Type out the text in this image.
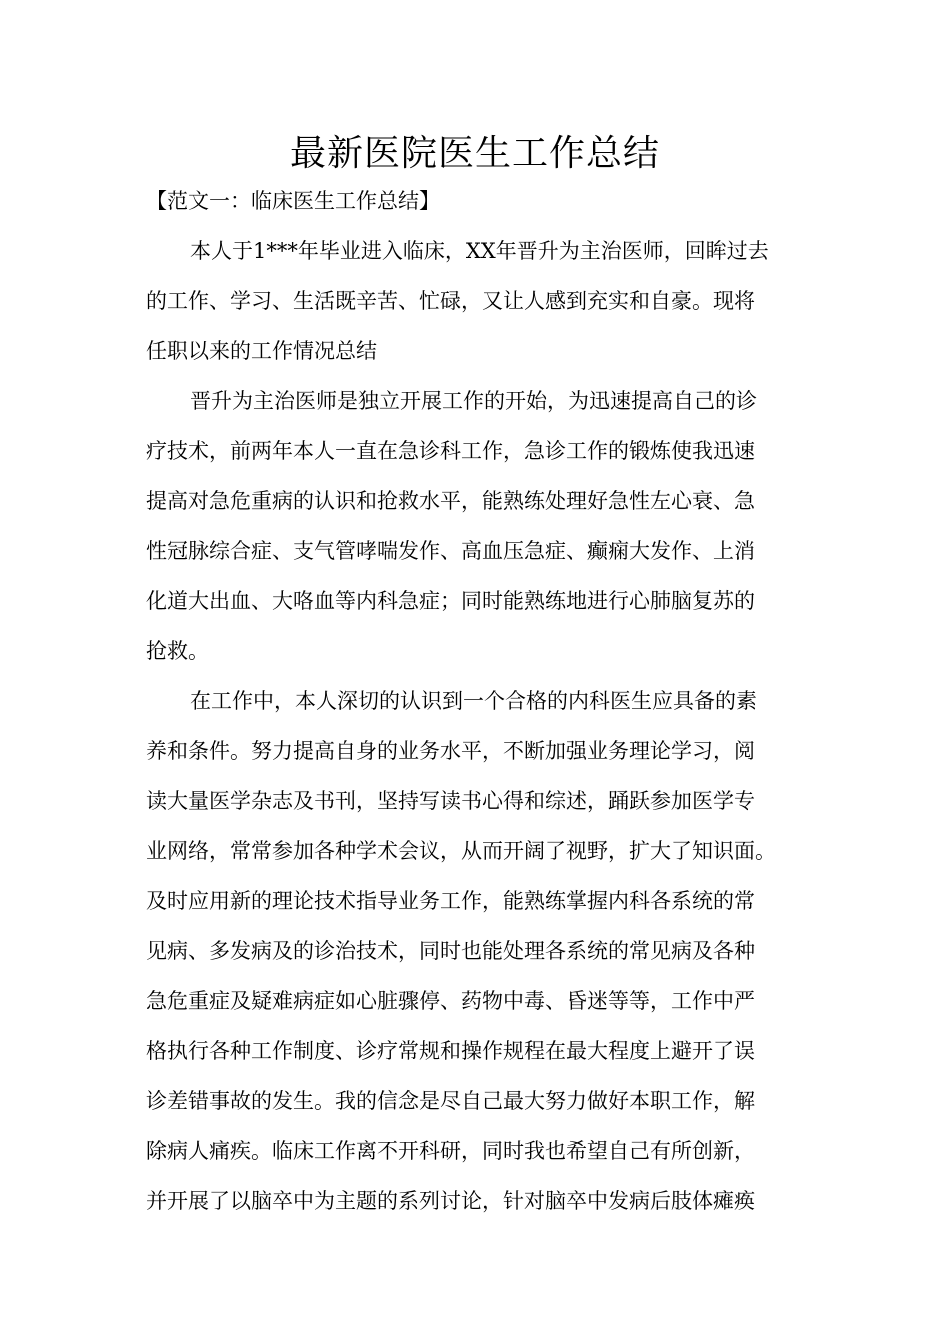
最新医院医生工作总结
【范文一：临床医生工作总结】
本人于1***年毕业进入临床，XX年晋升为主治医师，回眸过去
的工作、学习、生活既辛苦、忙碌，又让人感到充实和自豪。现将
任职以来的工作情况总结
晋升为主治医师是独立开展工作的开始，为迅速提高自己的诊
疗技术，前两年本人一直在急诊科工作，急诊工作的锻炼使我迅速
提高对急危重病的认识和抢救水平，能熟练处理好急性左心衰、急
性冠脉综合症、支气管哮喘发作、高血压急症、癫痫大发作、上消
化道大出血、大咯血等内科急症；同时能熟练地进行心肺脑复苏的
抢救。
在工作中，本人深切的认识到一个合格的内科医生应具备的素
养和条件。努力提高自身的业务水平，不断加强业务理论学习，阅
读大量医学杂志及书刊，坚持写读书心得和综述，踊跃参加医学专
业网络，常常参加各种学术会议，从而开阔了视野，扩大了知识面。
及时应用新的理论技术指导业务工作，能熟练掌握内科各系统的常
见病、多发病及的诊治技术，同时也能处理各系统的常见病及各种
急危重症及疑难病症如心脏骤停、药物中毒、昏迷等等，工作中严
格执行各种工作制度、诊疗常规和操作规程在最大程度上避开了误
诊差错事故的发生。我的信念是尽自己最大努力做好本职工作，解
除病人痛疾。临床工作离不开科研，同时我也希望自己有所创新，
并开展了以脑卒中为主题的系列讨论，针对脑卒中发病后肢体瘫痪
